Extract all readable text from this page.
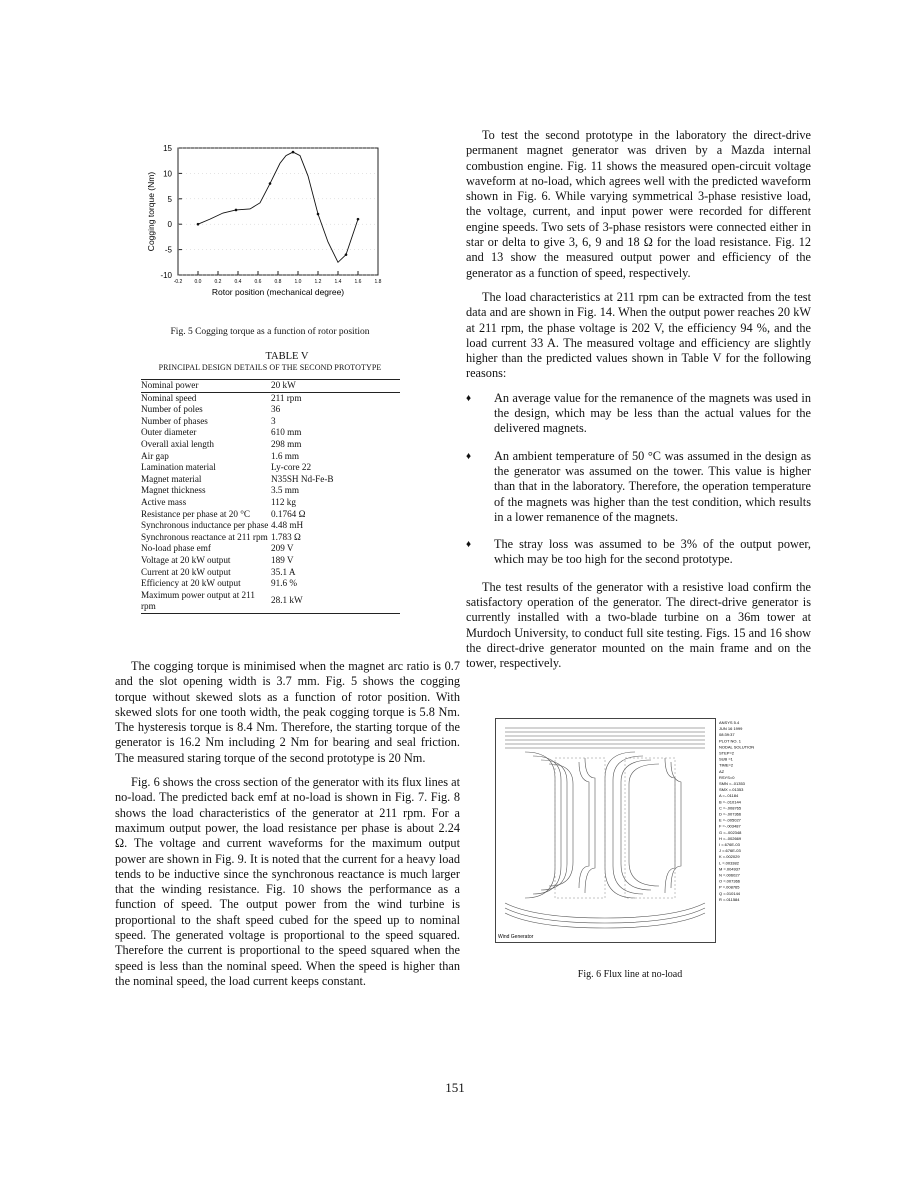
-10
-5
0
5
10
15
-0.2 0.0	0.2	0.4	0.6	0.8	1.0	1.2	1.4	1.6	1.8
Rotor position (mechanical degree)
Cogging torque (Nm)
Fig. 5 Cogging torque as a function of rotor position
TABLE V
PRINCIPAL DESIGN DETAILS OF THE SECOND PROTOTYPE
Nominal power	20 kW
Nominal speed	211 rpm
Number of poles	36
Number of phases	3
Outer diameter	610 mm
Overall axial length	298 mm
Air gap	1.6 mm
Lamination material	Ly-core 22
Magnet material	N35SH Nd-Fe-B
Magnet thickness	3.5 mm
Active mass	112 kg
Resistance per phase at 20 °C	0.1764 Ω
Synchronous inductance per phase	4.48 mH
Synchronous reactance at 211 rpm	1.783 Ω
No-load phase emf	209 V
Voltage at 20 kW output	189 V
Current at 20 kW output	35.1 A
Efficiency at 20 kW output	91.6 %
Maximum power output at 211 rpm	28.1 kW

The cogging torque is minimised when the magnet arc ratio is 0.7 and the slot opening width is 3.7 mm. Fig. 5 shows the cogging torque without skewed slots as a function of rotor position. With skewed slots for one tooth width, the peak cogging torque is 5.8 Nm. The hysteresis torque is 8.4 Nm. Therefore, the starting torque of the generator is 16.2 Nm including 2 Nm for bearing and seal friction. The measured staring torque of the second prototype is 20 Nm.

Fig. 6 shows the cross section of the generator with its flux lines at no-load. The predicted back emf at no-load is shown in Fig. 7. Fig. 8 shows the load characteristics of the generator at 211 rpm. For a maximum output power, the load resistance per phase is about 2.24 Ω. The voltage and current waveforms for the maximum output power are shown in Fig. 9. It is noted that the current for a heavy load tends to be inductive since the synchronous reactance is much larger that the winding resistance. Fig. 10 shows the performance as a function of speed. The output power from the wind turbine is proportional to the shaft speed cubed for the speed up to nominal speed. The generated voltage is proportional to the speed squared. Therefore the current is proportional to the speed squared when the speed is less than the nominal speed. When the speed is higher than the nominal speed, the load current keeps constant.

To test the second prototype in the laboratory the direct-drive permanent magnet generator was driven by a Mazda internal combustion engine. Fig. 11 shows the measured open-circuit voltage waveform at no-load, which agrees well with the predicted waveform shown in Fig. 6. While varying symmetrical 3-phase resistive load, the voltage, current, and input power were recorded for different engine speeds. Two sets of 3-phase resistors were connected either in star or delta to give 3, 6, 9 and 18 Ω for the load resistance. Fig. 12 and 13 show the measured output power and efficiency of the generator as a function of speed, respectively.

The load characteristics at 211 rpm can be extracted from the test data and are shown in Fig. 14. When the output power reaches 20 kW at 211 rpm, the phase voltage is 202 V, the efficiency 94 %, and the load current 33 A. The measured voltage and efficiency are slightly higher than the predicted values shown in Table V for the following reasons:

♦ An average value for the remanence of the magnets was used in the design, which may be less than the actual values for the delivered magnets.
♦ An ambient temperature of 50 °C was assumed in the design as the generator was assumed on the tower. This value is higher than that in the laboratory. Therefore, the operation temperature of the magnets was higher than the test condition, which results in a lower remanence of the magnets.
♦ The stray loss was assumed to be 3% of the output power, which may be too high for the second prototype.

The test results of the generator with a resistive load confirm the satisfactory operation of the generator. The direct-drive generator is currently installed with a two-blade turbine on a 36m tower at Murdoch University, to conduct full site testing. Figs. 15 and 16 show the direct-drive generator mounted on the main frame and on the tower, respectively.

Wind Generator
ANSYS 5.4
JUN 16 1999
08:39:37
PLOT NO. 1
NODAL SOLUTION
STEP=2
SUB =1
TIME=2
AZ
RSYS=0
SMN =-.01353
SMX =.01353
A =-.01184
B =-.010144
C =-.008765
D =-.007366
E =-.005027
F =-.003487
G =-.002348
H =-.002669
I =.676E-03
J =.676E-03
K =.002029
L =.003382
M =.004937
N =.006027
O =.007366
P =.008765
Q =.010144
R =.011584
Fig. 6 Flux line at no-load
151
